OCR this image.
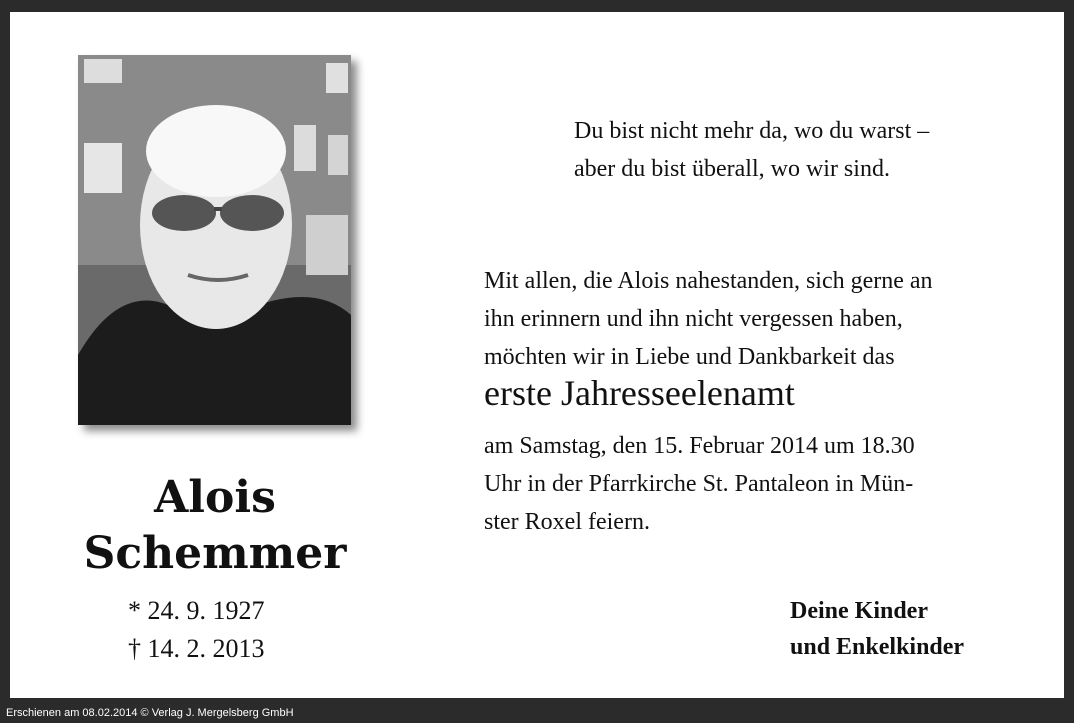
Alois
Schemmer
* 24. 9. 1927
† 14. 2. 2013
Du bist nicht mehr da, wo du warst –
aber du bist überall, wo wir sind.
Mit allen, die Alois nahestanden, sich gerne an
ihn erinnern und ihn nicht vergessen haben,
möchten wir in Liebe und Dankbarkeit das
erste Jahresseelenamt
am Samstag, den 15. Februar 2014 um 18.30
Uhr in der Pfarrkirche St. Pantaleon in Mün-
ster Roxel feiern.
Deine Kinder
und Enkelkinder
Erschienen am 08.02.2014 © Verlag J. Mergelsberg GmbH
